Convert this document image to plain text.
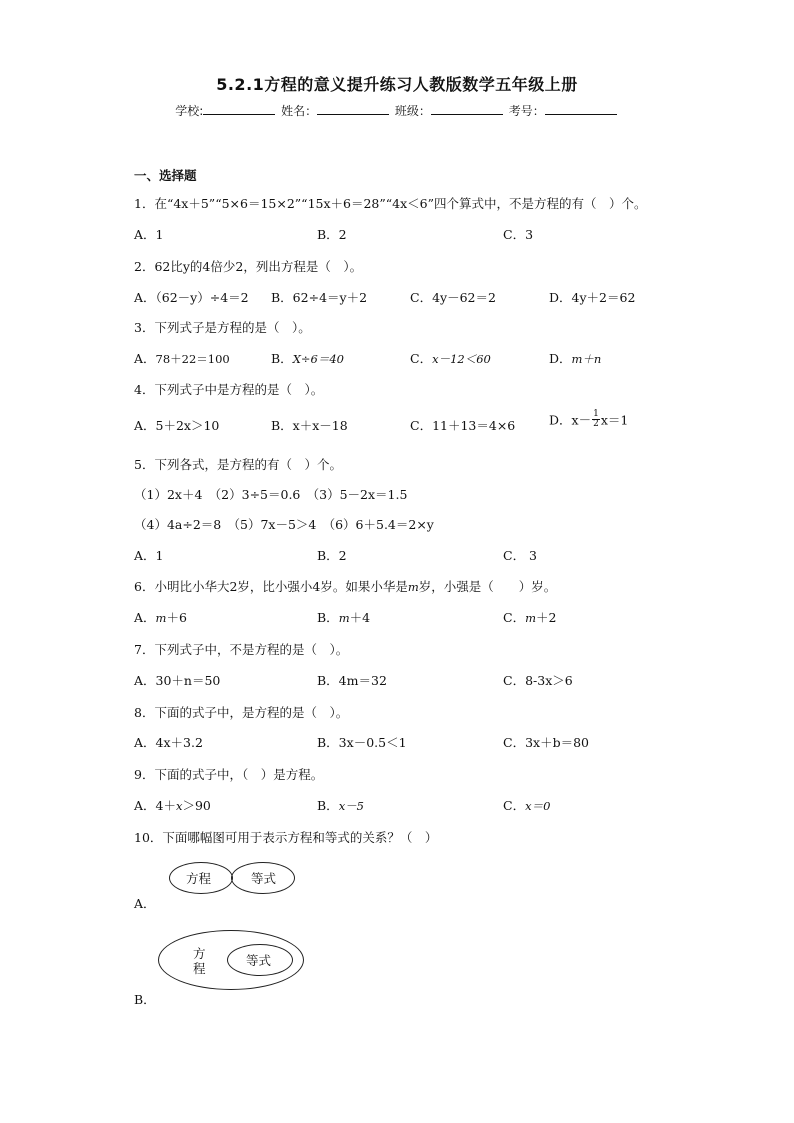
5.2.1方程的意义提升练习人教版数学五年级上册
学校:	姓名：	班级：	考号：
一、选择题
1．在“4x＋5”“5×6＝15×2”“15x＋6＝28”“4x＜6”四个算式中，不是方程的有（　）个。
A．1	B．2	C．3
2．62比y的4倍少2，列出方程是（　）。
A．（62－y）÷4＝2 B．62÷4＝y＋2	C．4y－62＝2	D．4y＋2＝62
3．下列式子是方程的是（　）。
A．78＋22＝100	B．X÷6＝40	C．x－12＜60	D．m＋n
4．下列式子中是方程的是（　）。
A．5＋2x＞10	B．x＋x－18	C．11＋13＝4×6	D．$x- \frac{1}{2} x=1$
5．下列各式，是方程的有（　）个。
（1）2x＋4　（2）3÷5＝0.6　（3）5－2x＝1.5
（4）4a÷2＝8　（5）7x－5＞4　（6）6＋5.4＝2×y
A．1	B．2	C． 3
6．小明比小华大2岁，比小强小4岁。如果小华是m岁，小强是（　　）岁。
A．m＋6	B．m＋4	C．m＋2
7．下列式子中，不是方程的是（　）。
A．30＋n＝50	B．4m＝32	C．8-3x＞6
8．下面的式子中，是方程的是（　）。
A．4x＋3.2	B．3x－0.5＜1	C．3x＋b＝80
9．下面的式子中，（　）是方程。
A．4＋x＞90	B．x－5	C．x＝0
10．下面哪幅图可用于表示方程和等式的关系？（　）
方程	等式
A．
方
程
等式
B．
